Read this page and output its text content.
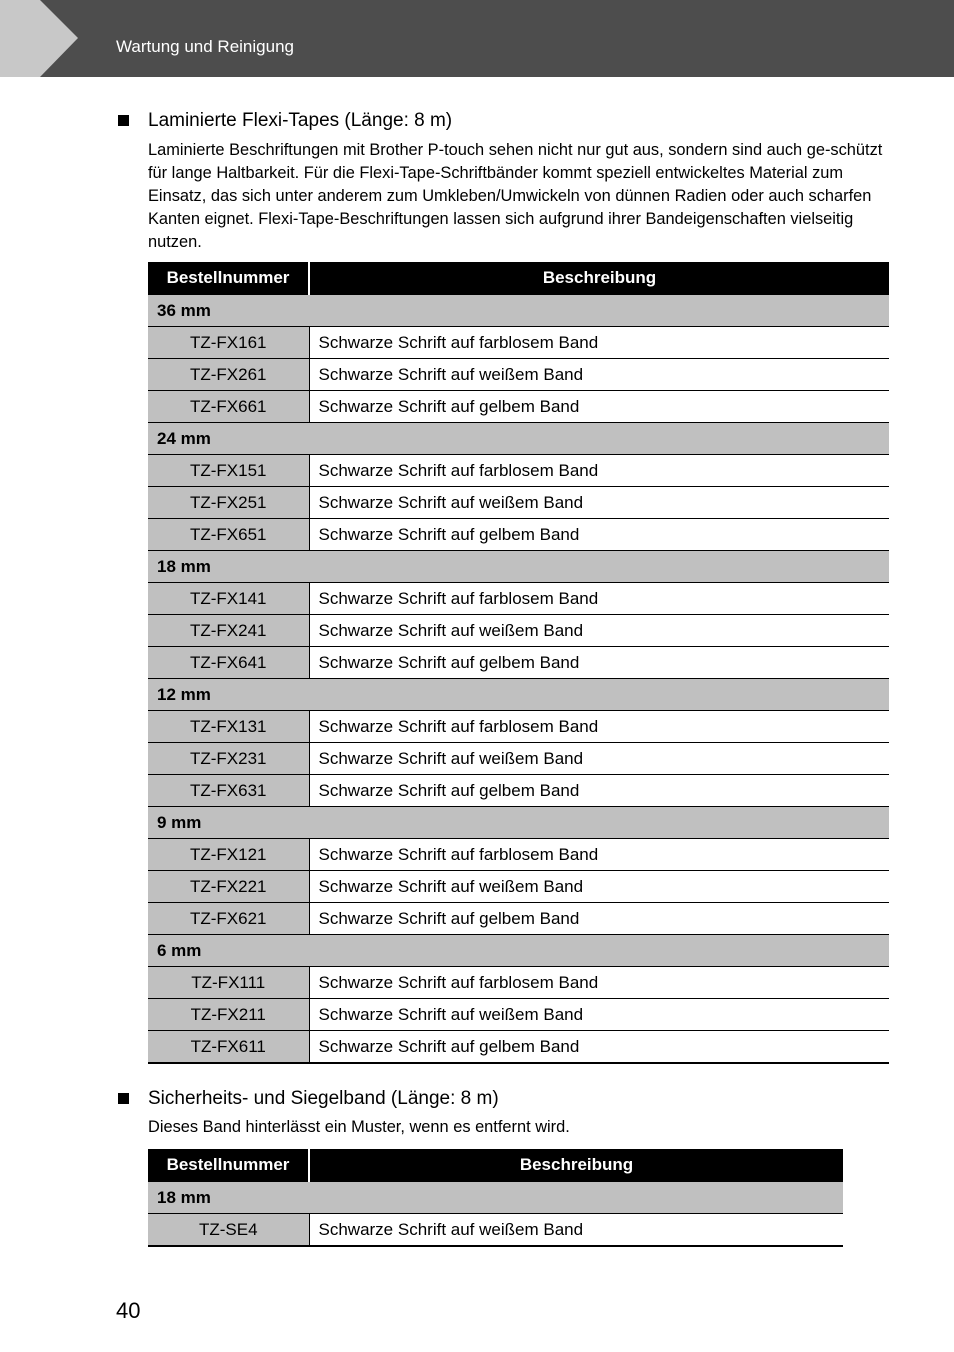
Wartung und Reinigung
Laminierte Flexi-Tapes (Länge: 8 m)
Laminierte Beschriftungen mit Brother P-touch sehen nicht nur gut aus, sondern sind auch ge-schützt für lange Haltbarkeit. Für die Flexi-Tape-Schriftbänder kommt speziell entwickeltes Material zum Einsatz, das sich unter anderem zum Umkleben/Umwickeln von dünnen Radien oder auch scharfen Kanten eignet. Flexi-Tape-Beschriftungen lassen sich aufgrund ihrer Bandeigenschaften vielseitig nutzen.
Bestellnummer	Beschreibung
36 mm	
TZ-FX161	Schwarze Schrift auf farblosem Band
TZ-FX261	Schwarze Schrift auf weißem Band
TZ-FX661	Schwarze Schrift auf gelbem Band
24 mm	
TZ-FX151	Schwarze Schrift auf farblosem Band
TZ-FX251	Schwarze Schrift auf weißem Band
TZ-FX651	Schwarze Schrift auf gelbem Band
18 mm	
TZ-FX141	Schwarze Schrift auf farblosem Band
TZ-FX241	Schwarze Schrift auf weißem Band
TZ-FX641	Schwarze Schrift auf gelbem Band
12 mm	
TZ-FX131	Schwarze Schrift auf farblosem Band
TZ-FX231	Schwarze Schrift auf weißem Band
TZ-FX631	Schwarze Schrift auf gelbem Band
9 mm	
TZ-FX121	Schwarze Schrift auf farblosem Band
TZ-FX221	Schwarze Schrift auf weißem Band
TZ-FX621	Schwarze Schrift auf gelbem Band
6 mm	
TZ-FX111	Schwarze Schrift auf farblosem Band
TZ-FX211	Schwarze Schrift auf weißem Band
TZ-FX611	Schwarze Schrift auf gelbem Band
Sicherheits- und Siegelband (Länge: 8 m)
Dieses Band hinterlässt ein Muster, wenn es entfernt wird.
Bestellnummer	Beschreibung
18 mm	
TZ-SE4	Schwarze Schrift auf weißem Band
40
